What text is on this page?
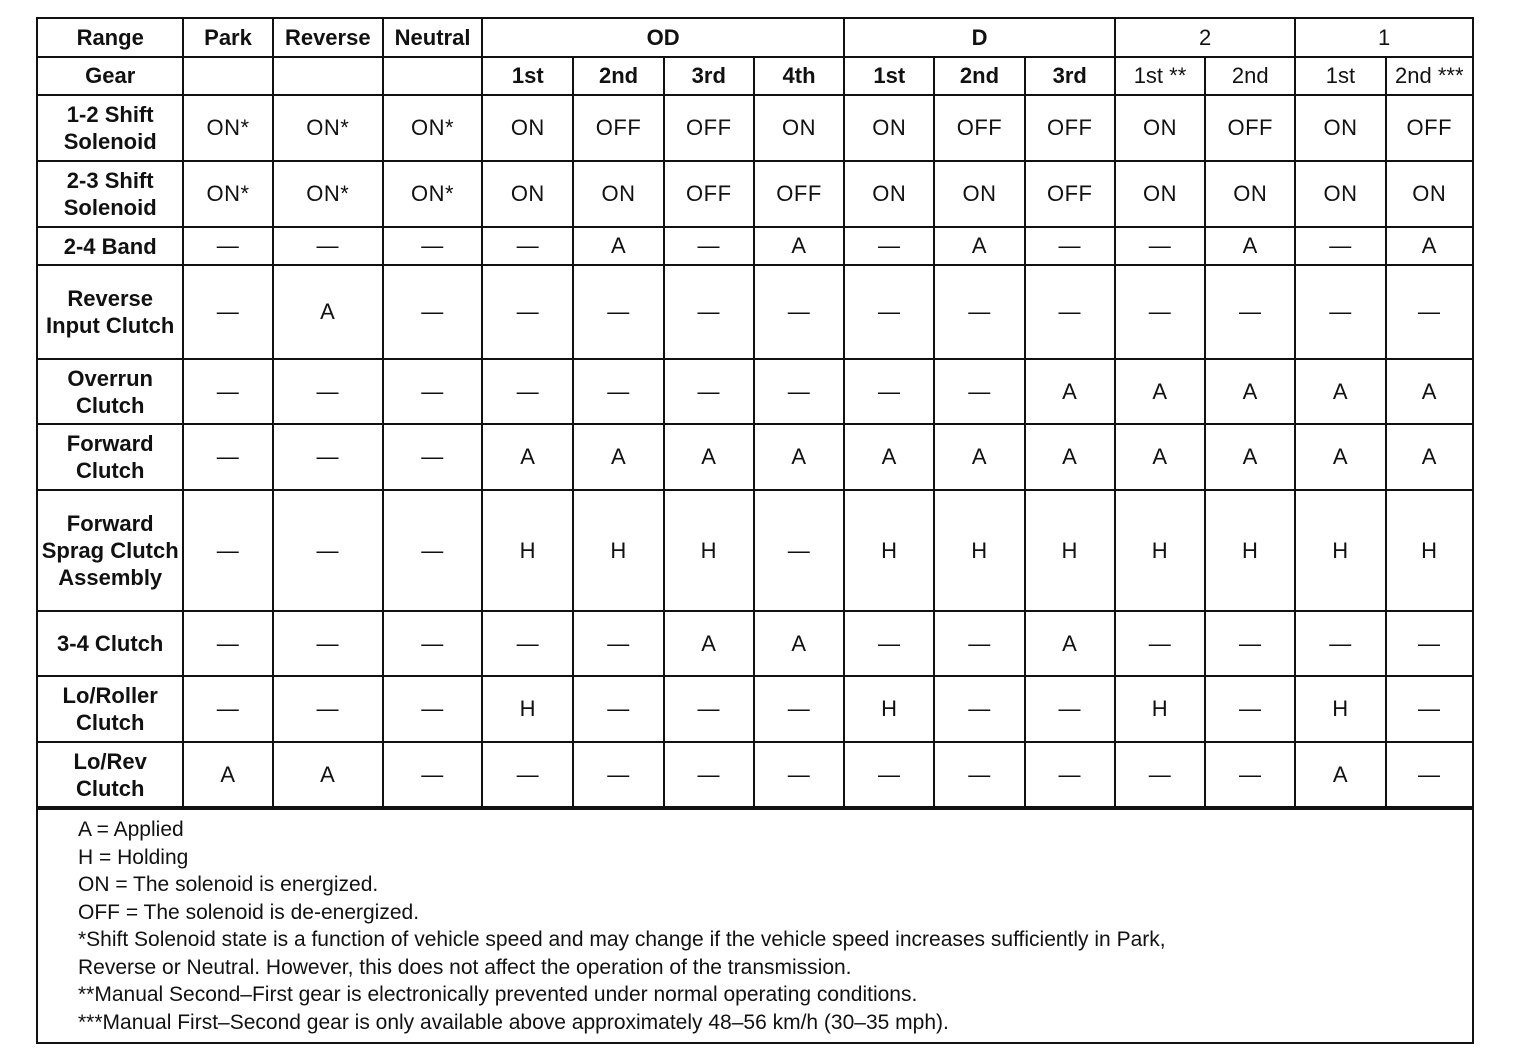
Range	Park	Reverse	Neutral	OD				D			2		1	
Gear				1st	2nd	3rd	4th	1st	2nd	3rd	1st **	2nd	1st	2nd ***
1-2 Shift Solenoid	ON*	ON*	ON*	ON	OFF	OFF	ON	ON	OFF	OFF	ON	OFF	ON	OFF
2-3 Shift Solenoid	ON*	ON*	ON*	ON	ON	OFF	OFF	ON	ON	OFF	ON	ON	ON	ON
2-4 Band	—	—	—	—	A	—	A	—	A	—	—	A	—	A
Reverse Input Clutch	—	A	—	—	—	—	—	—	—	—	—	—	—	—
Overrun Clutch	—	—	—	—	—	—	—	—	—	A	A	A	A	A
Forward Clutch	—	—	—	A	A	A	A	A	A	A	A	A	A	A
Forward Sprag Clutch Assembly	—	—	—	H	H	H	—	H	H	H	H	H	H	H
3-4 Clutch	—	—	—	—	—	A	A	—	—	A	—	—	—	—
Lo/Roller Clutch	—	—	—	H	—	—	—	H	—	—	H	—	H	—
Lo/Rev Clutch	A	A	—	—	—	—	—	—	—	—	—	—	A	—
A = Applied
H = Holding
ON = The solenoid is energized.
OFF = The solenoid is de-energized.
*Shift Solenoid state is a function of vehicle speed and may change if the vehicle speed increases sufficiently in Park,
Reverse or Neutral. However, this does not affect the operation of the transmission.
**Manual Second–First gear is electronically prevented under normal operating conditions.
***Manual First–Second gear is only available above approximately 48–56 km/h (30–35 mph).
